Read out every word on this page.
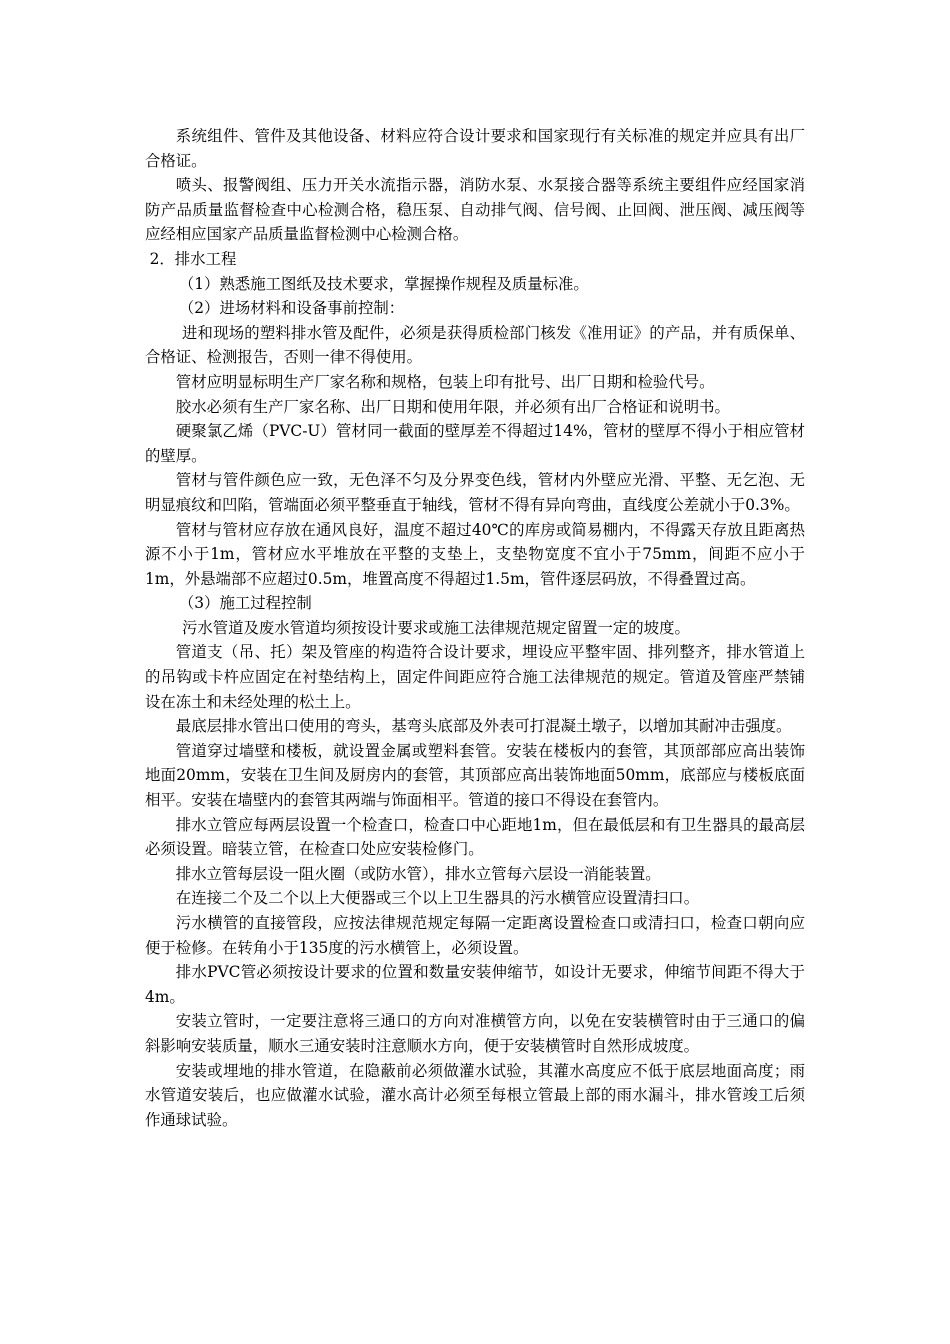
系统组件、管件及其他设备、材料应符合设计要求和国家现行有关标准的规定并应具有出厂合格证。

喷头、报警阀组、压力开关水流指示器，消防水泵、水泵接合器等系统主要组件应经国家消防产品质量监督检查中心检测合格，稳压泵、自动排气阀、信号阀、止回阀、泄压阀、减压阀等应经相应国家产品质量监督检测中心检测合格。

2．排水工程

（1）熟悉施工图纸及技术要求，掌握操作规程及质量标准。

（2）进场材料和设备事前控制：

进和现场的塑料排水管及配件，必须是获得质检部门核发《准用证》的产品，并有质保单、合格证、检测报告，否则一律不得使用。

管材应明显标明生产厂家名称和规格，包装上印有批号、出厂日期和检验代号。

胶水必须有生产厂家名称、出厂日期和使用年限，并必须有出厂合格证和说明书。

硬聚氯乙烯（PVC-U）管材同一截面的壁厚差不得超过14%，管材的壁厚不得小于相应管材的壁厚。

管材与管件颜色应一致，无色泽不匀及分界变色线，管材内外壁应光滑、平整、无乞泡、无明显痕纹和凹陷，管端面必须平整垂直于轴线，管材不得有异向弯曲，直线度公差就小于0.3%。

管材与管材应存放在通风良好，温度不超过40℃的库房或简易棚内，不得露天存放且距离热源不小于1m，管材应水平堆放在平整的支垫上，支垫物宽度不宜小于75mm，间距不应小于1m，外悬端部不应超过0.5m，堆置高度不得超过1.5m，管件逐层码放，不得叠置过高。

（3）施工过程控制

污水管道及废水管道均须按设计要求或施工法律规范规定留置一定的坡度。

管道支（吊、托）架及管座的构造符合设计要求，埋设应平整牢固、排列整齐，排水管道上的吊钩或卡杵应固定在衬垫结构上，固定件间距应符合施工法律规范的规定。管道及管座严禁铺设在冻土和未经处理的松土上。

最底层排水管出口使用的弯头，基弯头底部及外表可打混凝土墩子，以增加其耐冲击强度。

管道穿过墙壁和楼板，就设置金属或塑料套管。安装在楼板内的套管，其顶部部应高出装饰地面20mm，安装在卫生间及厨房内的套管，其顶部应高出装饰地面50mm，底部应与楼板底面相平。安装在墙壁内的套管其两端与饰面相平。管道的接口不得设在套管内。

排水立管应每两层设置一个检查口，检查口中心距地1m，但在最低层和有卫生器具的最高层必须设置。暗装立管，在检查口处应安装检修门。

排水立管每层设一阻火圈（或防水管），排水立管每六层设一消能装置。

在连接二个及二个以上大便器或三个以上卫生器具的污水横管应设置清扫口。

污水横管的直接管段，应按法律规范规定每隔一定距离设置检查口或清扫口，检查口朝向应便于检修。在转角小于135度的污水横管上，必须设置。

排水PVC管必须按设计要求的位置和数量安装伸缩节，如设计无要求，伸缩节间距不得大于4m。

安装立管时，一定要注意将三通口的方向对准横管方向，以免在安装横管时由于三通口的偏斜影响安装质量，顺水三通安装时注意顺水方向，便于安装横管时自然形成坡度。

安装或埋地的排水管道，在隐蔽前必须做灌水试验，其灌水高度应不低于底层地面高度；雨水管道安装后，也应做灌水试验，灌水高计必须至每根立管最上部的雨水漏斗，排水管竣工后须作通球试验。
